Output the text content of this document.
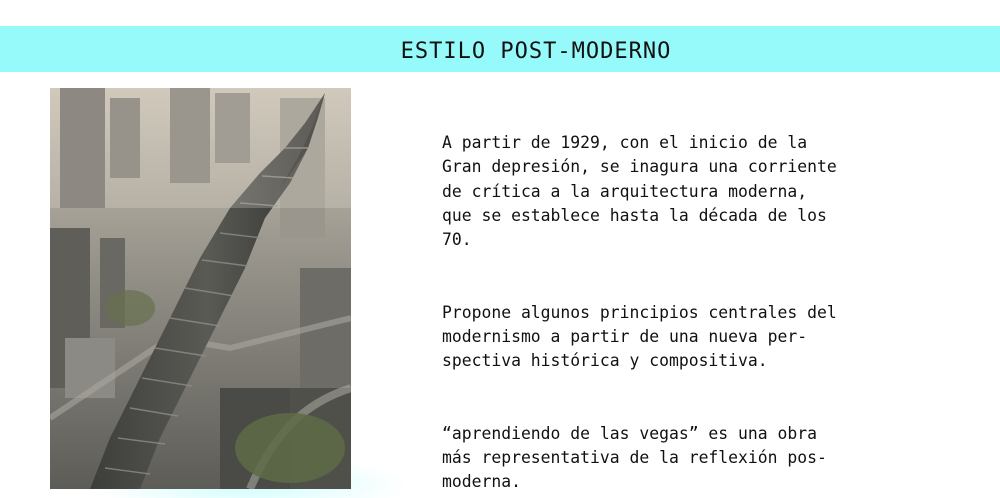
ESTILO POST-MODERNO

A partir de 1929, con el inicio de la
Gran depresión, se inagura una corriente
de crítica a la arquitectura moderna,
que se establece hasta la década de los
70.

Propone algunos principios centrales del
modernismo a partir de una nueva per-
spectiva histórica y compositiva.

“aprendiendo de las vegas” es una obra
más representativa de la reflexión pos-
moderna.
